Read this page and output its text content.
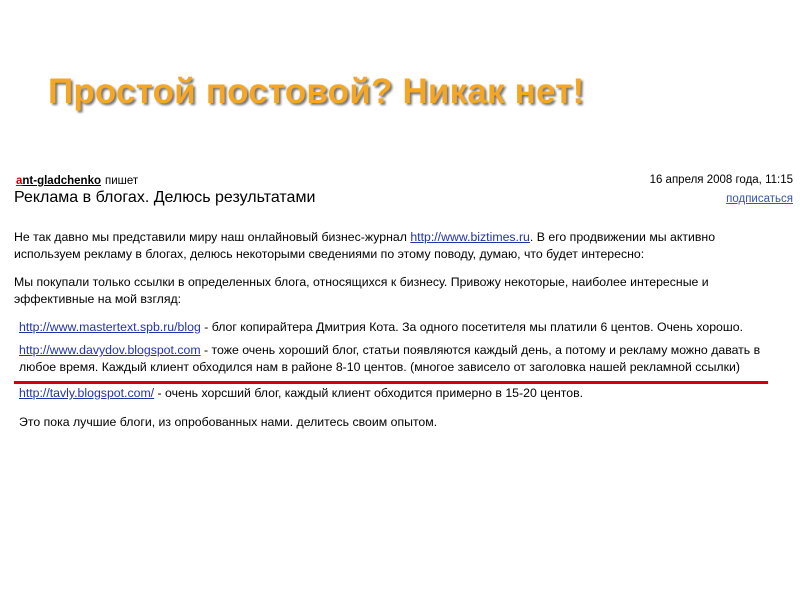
Простой постовой? Никак нет!
ant-gladchenko пишет	16 апреля 2008 года, 11:15
Реклама в блогах. Делюсь результатами	подписаться

Не так давно мы представили миру наш онлайновый бизнес-журнал http://www.biztimes.ru. В его продвижении мы активно используем рекламу в блогах, делюсь некоторыми сведениями по этому поводу, думаю, что будет интересно:

Мы покупали только ссылки в определенных блога, относящихся к бизнесу. Привожу некоторые, наиболее интересные и эффективные на мой взгляд:

http://www.mastertext.spb.ru/blog - блог копирайтера Дмитрия Кота. За одного посетителя мы платили 6 центов. Очень хорошо.

http://www.davydov.blogspot.com - тоже очень хороший блог, статьи появляются каждый день, а потому и рекламу можно давать в любое время. Каждый клиент обходился нам в районе 8-10 центов. (многое зависело от заголовка нашей рекламной ссылки)

http://tavly.blogspot.com/ - очень хорсший блог, каждый клиент обходится примерно в 15-20 центов.

Это пока лучшие блоги, из опробованных нами. делитесь своим опытом.
